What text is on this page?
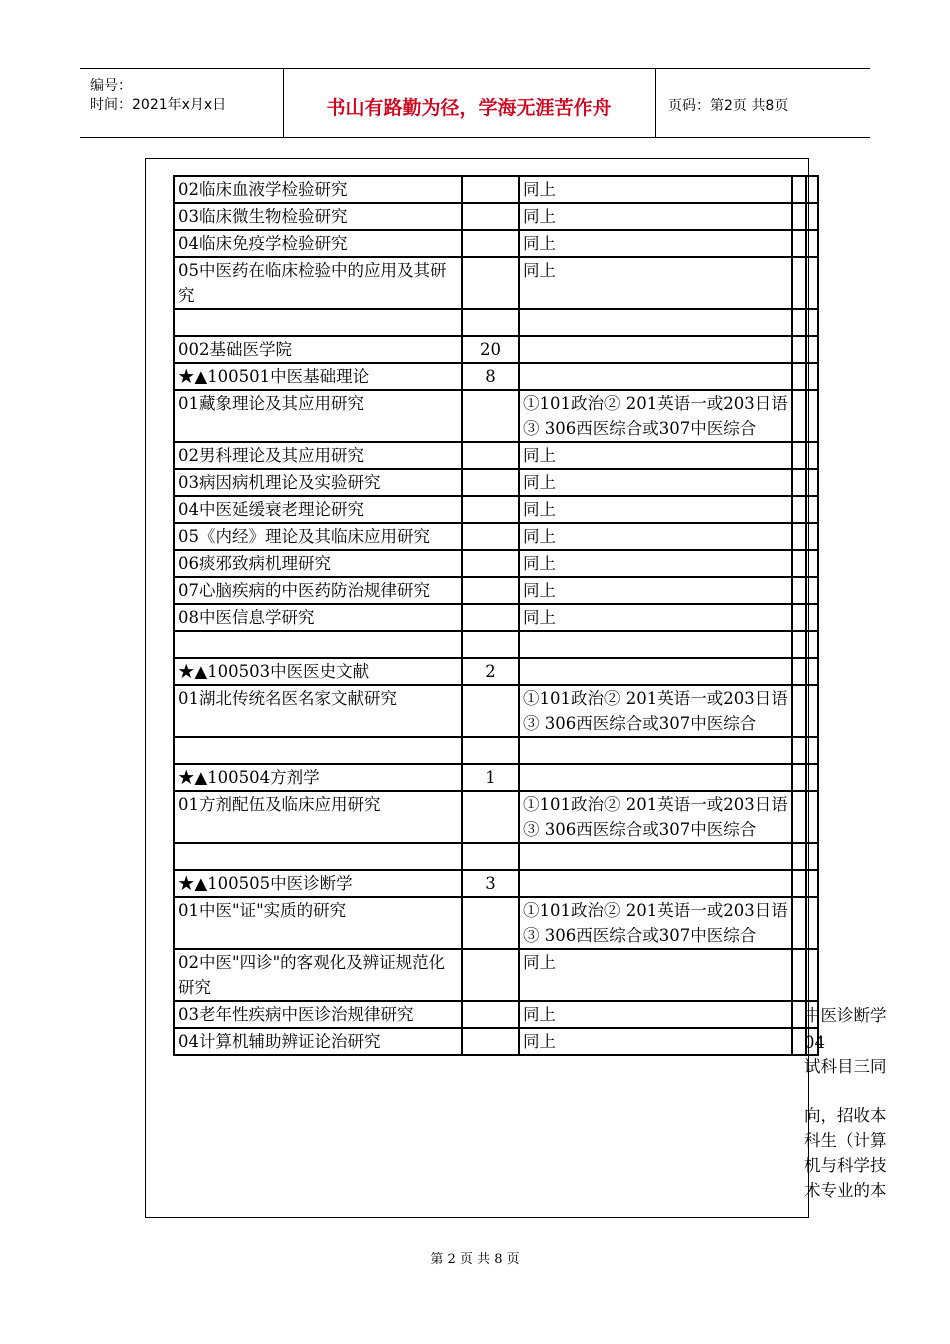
编号：
时间：2021年x月x日	书山有路勤为径，学海无涯苦作舟	页码：第2页 共8页
02临床血液学检验研究		同上		
03临床微生物检验研究		同上		
04临床免疫学检验研究		同上		
05中医药在临床检验中的应用及其研究		同上		

002基础医学院	20			
★▲100501中医基础理论	8			
01藏象理论及其应用研究		①101政治② 201英语一或203日语③ 306西医综合或307中医综合		
02男科理论及其应用研究		同上		
03病因病机理论及实验研究		同上		
04中医延缓衰老理论研究		同上		
05《内经》理论及其临床应用研究		同上		
06痰邪致病机理研究		同上		
07心脑疾病的中医药防治规律研究		同上		
08中医信息学研究		同上		

★▲100503中医医史文献	2			
01湖北传统名医名家文献研究		①101政治② 201英语一或203日语③ 306西医综合或307中医综合		

★▲100504方剂学	1			
01方剂配伍及临床应用研究		①101政治② 201英语一或203日语③ 306西医综合或307中医综合		

★▲100505中医诊断学	3			
01中医"证"实质的研究		①101政治② 201英语一或203日语③ 306西医综合或307中医综合		
02中医"四诊"的客观化及辨证规范化研究		同上		
03老年性疾病中医诊治规律研究		同上		
04计算机辅助辨证论治研究		同上		
中医诊断学
04
试科目三同
向，招收本
科生（计算
机与科学技
术专业的本
第 2 页 共 8 页
